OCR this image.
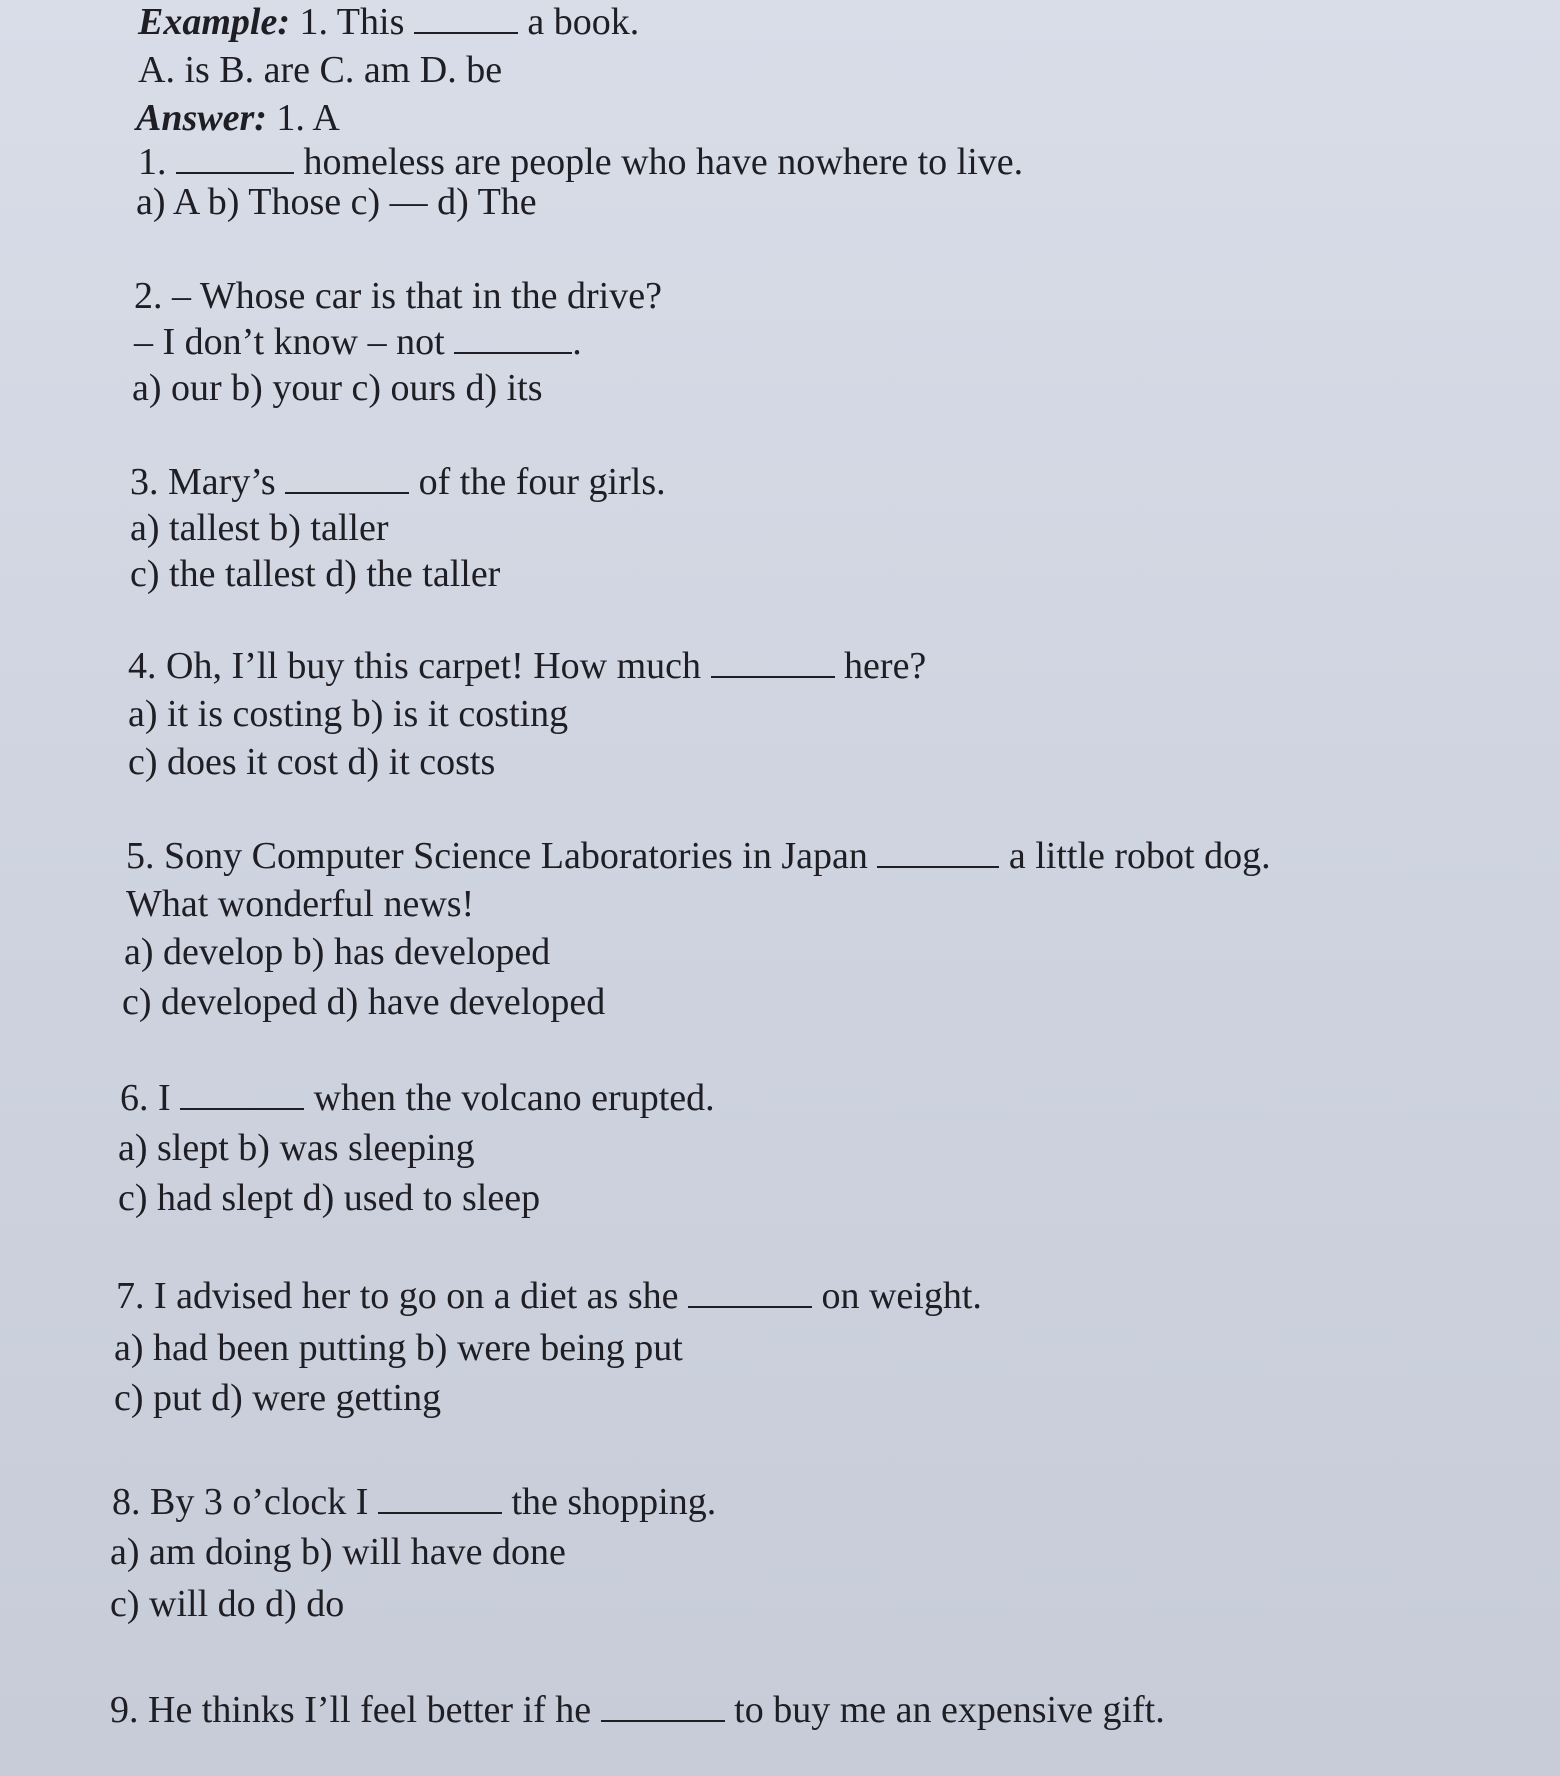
Example: 1. This	a book.
A. is B. are C. am D. be
Answer: 1. A
1.	homeless are people who have nowhere to live.
a) A b) Those c) — d) The
2. – Whose car is that in the drive?
– I don’t know – not	.
a) our b) your c) ours d) its
3. Mary’s	of the four girls.
a) tallest b) taller
c) the tallest d) the taller
4. Oh, I’ll buy this carpet! How much	here?
a) it is costing b) is it costing
c) does it cost d) it costs
5. Sony Computer Science Laboratories in Japan	a little robot dog.
What wonderful news!
a) develop b) has developed
c) developed d) have developed
6. I	when the volcano erupted.
a) slept b) was sleeping
c) had slept d) used to sleep
7. I advised her to go on a diet as she	on weight.
a) had been putting b) were being put
c) put d) were getting
8. By 3 o’clock I	the shopping.
a) am doing b) will have done
c) will do d) do
9. He thinks I’ll feel better if he	to buy me an expensive gift.
